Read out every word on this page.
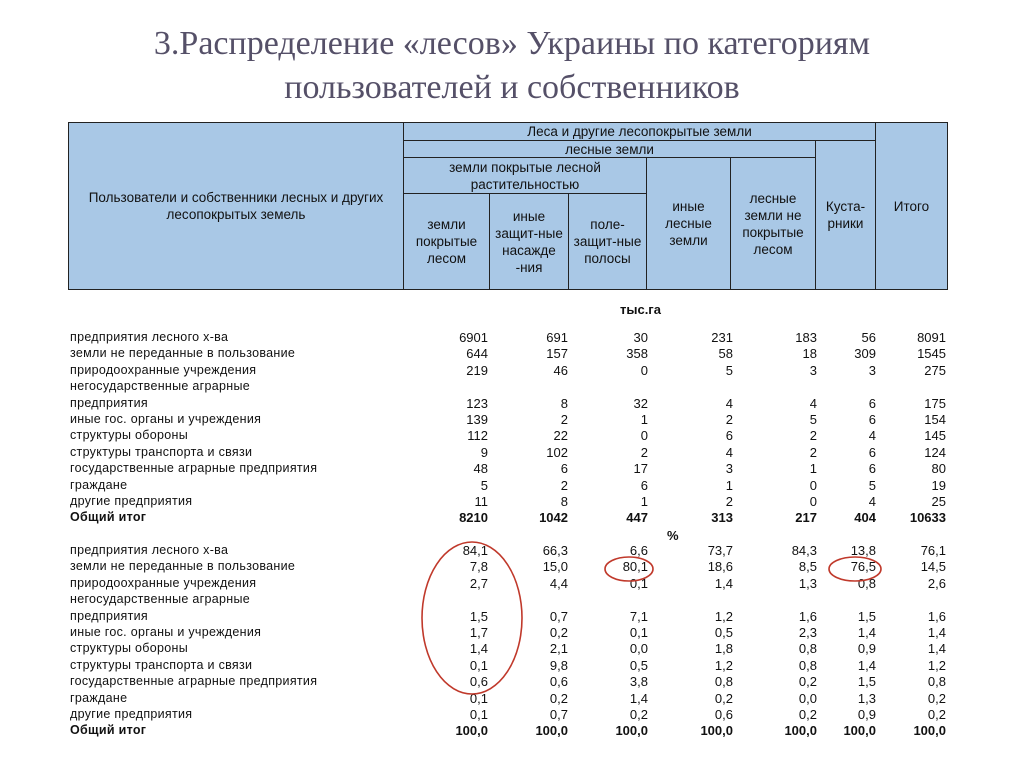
3.Распределение «лесов» Украины по категориям
пользователей и собственников
Пользователи и собственники лесных и других лесопокрытых земель
Леса и другие лесопокрытые земли
лесные земли
земли покрытые лесной растительностью
земли покрытые лесом
иные защит-ные насажде -ния
поле-защит-ные полосы
иные лесные земли
лесные земли не покрытые лесом
Куста-рники
Итого
тыс.га
%
предприятия лесного х-ва	6901	691	30	231	183	56	8091
земли не переданные в пользование	644	157	358	58	18	309	1545
природоохранные учреждения	219	46	0	5	3	3	275
негосударственные аграрные
предприятия	123	8	32	4	4	6	175
иные гос. органы и учреждения	139	2	1	2	5	6	154
структуры обороны	112	22	0	6	2	4	145
структуры транспорта и связи	9	102	2	4	2	6	124
государственные аграрные предприятия	48	6	17	3	1	6	80
граждане	5	2	6	1	0	5	19
другие предприятия	11	8	1	2	0	4	25
Общий итог	8210	1042	447	313	217	404	10633
предприятия лесного х-ва	84,1	66,3	6,6	73,7	84,3	13,8	76,1
земли не переданные в пользование	7,8	15,0	80,1	18,6	8,5	76,5	14,5
природоохранные учреждения	2,7	4,4	0,1	1,4	1,3	0,8	2,6
негосударственные аграрные
предприятия	1,5	0,7	7,1	1,2	1,6	1,5	1,6
иные гос. органы и учреждения	1,7	0,2	0,1	0,5	2,3	1,4	1,4
структуры обороны	1,4	2,1	0,0	1,8	0,8	0,9	1,4
структуры транспорта и связи	0,1	9,8	0,5	1,2	0,8	1,4	1,2
государственные аграрные предприятия	0,6	0,6	3,8	0,8	0,2	1,5	0,8
граждане	0,1	0,2	1,4	0,2	0,0	1,3	0,2
другие предприятия	0,1	0,7	0,2	0,6	0,2	0,9	0,2
Общий итог	100,0	100,0	100,0	100,0	100,0	100,0	100,0
